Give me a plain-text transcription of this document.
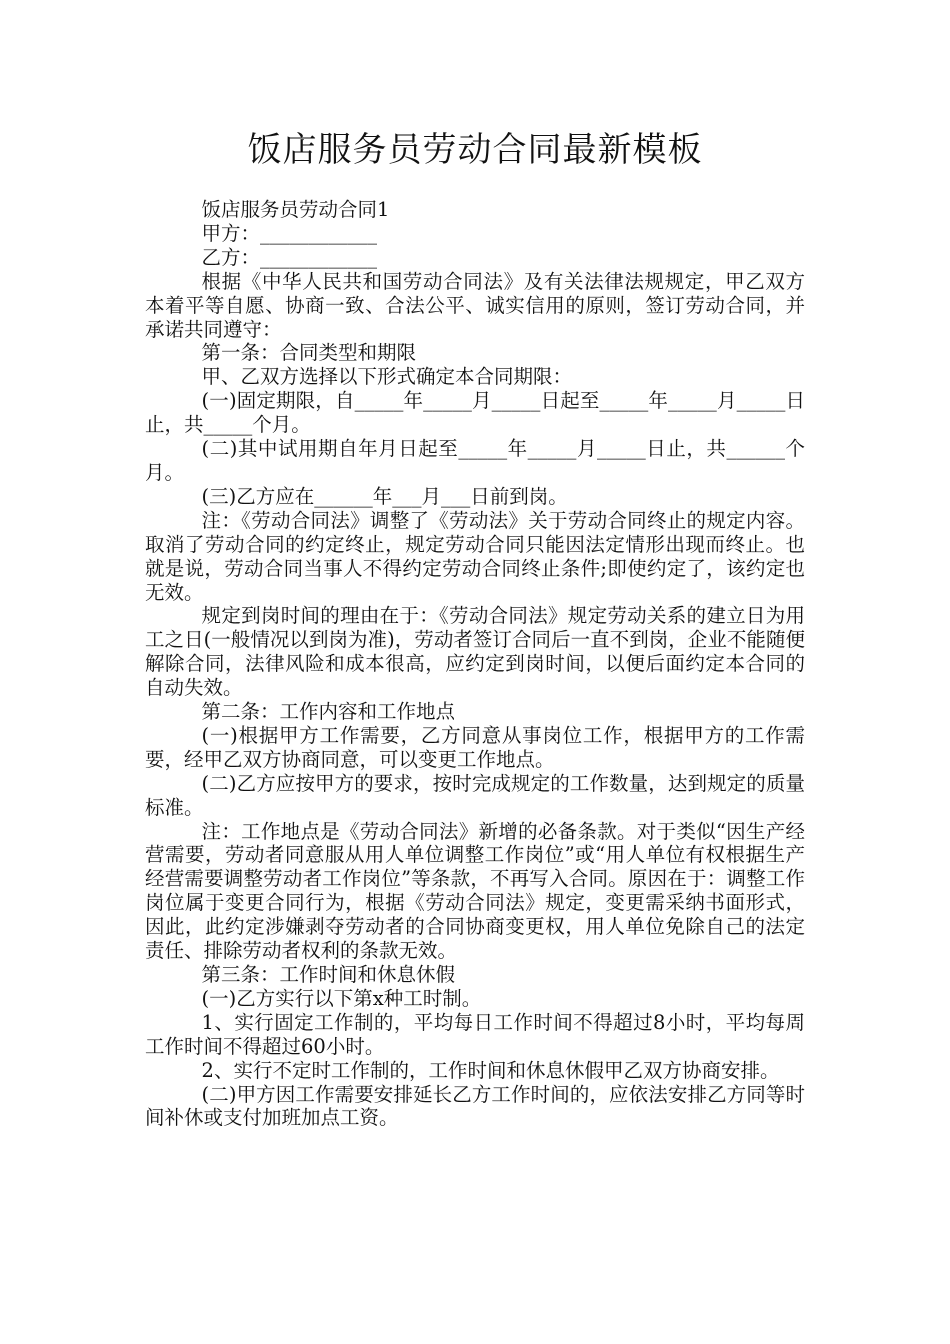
饭店服务员劳动合同最新模板

饭店服务员劳动合同1

甲方：____________

乙方：____________

根据《中华人民共和国劳动合同法》及有关法律法规规定，甲乙双方本着平等自愿、协商一致、合法公平、诚实信用的原则，签订劳动合同，并承诺共同遵守：

第一条：合同类型和期限

甲、乙双方选择以下形式确定本合同期限：

(一)固定期限，自_____年_____月_____日起至_____年_____月_____日止，共_____个月。

(二)其中试用期自年月日起至_____年_____月_____日止，共______个月。

(三)乙方应在______年___月___日前到岗。

注：《劳动合同法》调整了《劳动法》关于劳动合同终止的规定内容。取消了劳动合同的约定终止，规定劳动合同只能因法定情形出现而终止。也就是说，劳动合同当事人不得约定劳动合同终止条件;即使约定了，该约定也无效。

规定到岗时间的理由在于：《劳动合同法》规定劳动关系的建立日为用工之日(一般情况以到岗为准)，劳动者签订合同后一直不到岗，企业不能随便解除合同，法律风险和成本很高，应约定到岗时间，以便后面约定本合同的自动失效。

第二条：工作内容和工作地点

(一)根据甲方工作需要，乙方同意从事岗位工作，根据甲方的工作需要，经甲乙双方协商同意，可以变更工作地点。

(二)乙方应按甲方的要求，按时完成规定的工作数量，达到规定的质量标准。

注：工作地点是《劳动合同法》新增的必备条款。对于类似“因生产经营需要，劳动者同意服从用人单位调整工作岗位”或“用人单位有权根据生产经营需要调整劳动者工作岗位”等条款，不再写入合同。原因在于：调整工作岗位属于变更合同行为，根据《劳动合同法》规定，变更需采纳书面形式，因此，此约定涉嫌剥夺劳动者的合同协商变更权，用人单位免除自己的法定责任、排除劳动者权利的条款无效。

第三条：工作时间和休息休假

(一)乙方实行以下第x种工时制。

1、实行固定工作制的，平均每日工作时间不得超过8小时，平均每周工作时间不得超过60小时。

2、实行不定时工作制的，工作时间和休息休假甲乙双方协商安排。

(二)甲方因工作需要安排延长乙方工作时间的，应依法安排乙方同等时间补休或支付加班加点工资。
